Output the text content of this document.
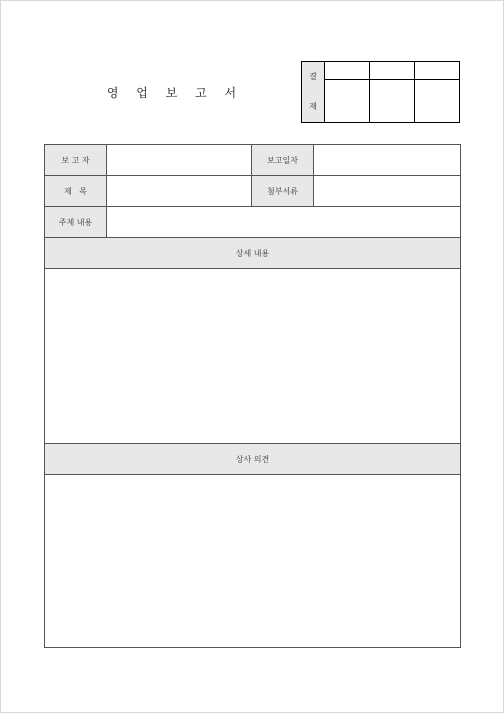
영 업 보 고 서
결
재			

보 고 자		보고일자	
제   목		첨부서류	
주제 내용			
상세 내용			

상사 의견			
